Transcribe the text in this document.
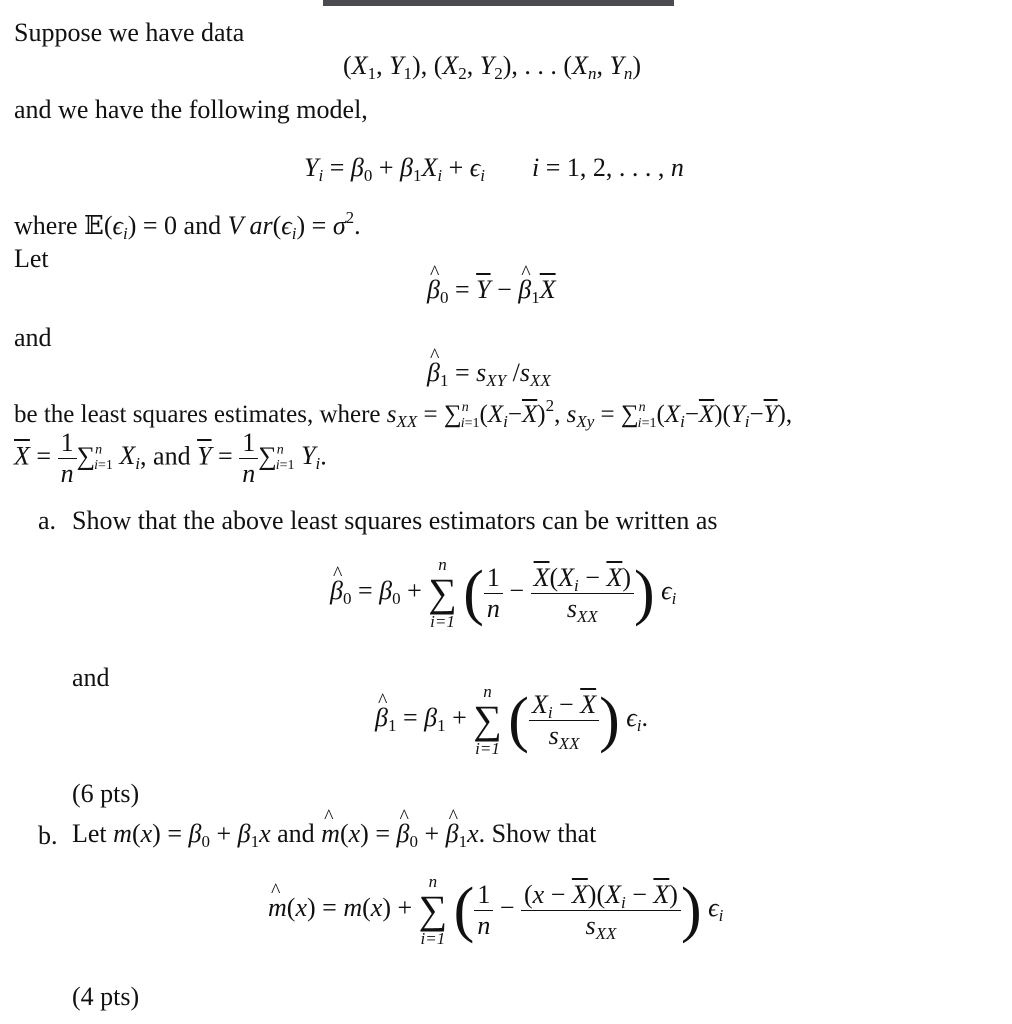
Suppose we have data
($X_1$, $Y_1$), ($X_2$, $Y_2$), . . . ($X_n$, $Y_n$)
and we have the following model,
$Y_i = \beta_0 + \beta_1X_i + \epsilon_i$ i = 1, 2, . . . , n
where $𝔼(\epsilon_i) = 0$ and V $ar(\epsilon_i) = \sigma^2$.
Let
^ $\beta_0 = \overline{Y}$ − ^ $\beta_1\overline{X}$
and
^ $\beta_1 = s_{XY}$ $/s_{XX}$
be the least squares estimates, where $s_{XX} = \sum^n_{i=1}(X_i-\overline{X})^2$, $s_{Xy} = \sum^n_{i=1}(X_i-\overline{X})(Y_i-\overline{Y})$,
$\overline{X} = \frac{1}{n} \sum^n_{i=1}$ $X_i$, and $\overline{Y} = \frac{1}{n} \sum^n_{i=1}$ $Y_i$.
a. Show that the above least squares estimators can be written as
^ $\beta_0 = \beta_0$ +
n
∑
i=1 ( $\frac{1}{n} - \frac{\overline{X}(X_i - \overline{X})}{s_{XX}}$ ) $\epsilon_i$
and
^ $\beta_1 = \beta_1$ +
n
∑
i=1 ( $\frac{X_i - \overline{X}}{s_{XX}}$ ) $\epsilon_i$.
(6 pts)
b. Let $m(x) = \beta_0 + \beta_1x$ and ^ m(x) = ^ $\beta_0$ + ^ $\beta_1x$. Show that
^ m(x) = m(x) +
n
∑
i=1 ( $\frac{1}{n} - \frac{(x - \overline{X})(X_i - \overline{X})}{s_{XX}}$ ) $\epsilon_i$
(4 pts)
